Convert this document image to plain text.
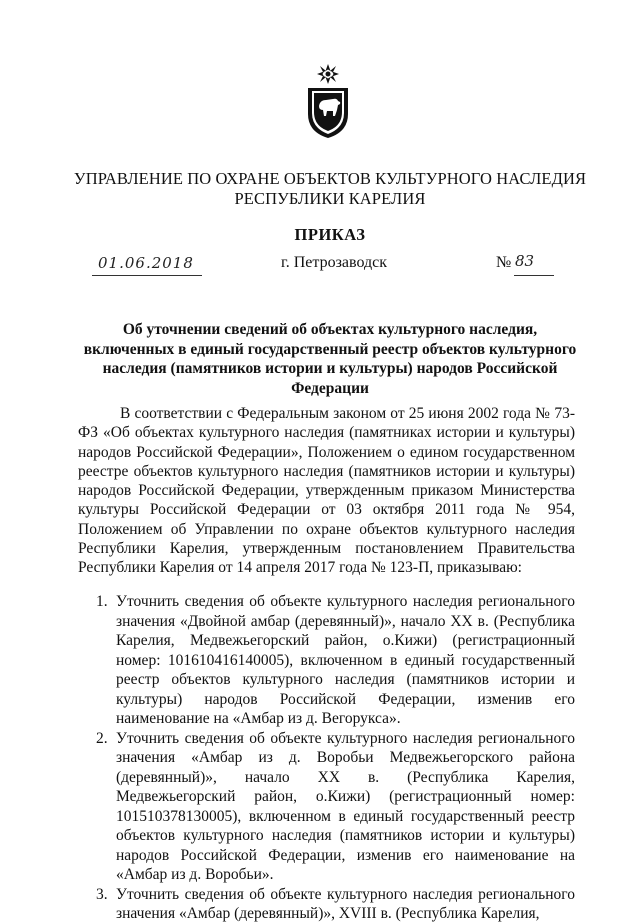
УПРАВЛЕНИЕ ПО ОХРАНЕ ОБЪЕКТОВ КУЛЬТУРНОГО НАСЛЕДИЯ
РЕСПУБЛИКИ КАРЕЛИЯ
ПРИКАЗ
01.06.2018	г. Петрозаводск	№ 83
Об уточнении сведений об объектах культурного наследия, включенных в единый государственный реестр объектов культурного наследия (памятников истории и культуры) народов Российской Федерации
В соответствии с Федеральным законом от 25 июня 2002 года № 73-ФЗ «Об объектах культурного наследия (памятниках истории и культуры) народов Российской Федерации», Положением о едином государственном реестре объектов культурного наследия (памятников истории и культуры) народов Российской Федерации, утвержденным приказом Министерства культуры Российской Федерации от 03 октября 2011 года № 954, Положением об Управлении по охране объектов культурного наследия Республики Карелия, утвержденным постановлением Правительства Республики Карелия от 14 апреля 2017 года № 123-П, приказываю:
1. Уточнить сведения об объекте культурного наследия регионального значения «Двойной амбар (деревянный)», начало XX в. (Республика Карелия, Медвежьегорский район, о.Кижи) (регистрационный номер: 101610416140005), включенном в единый государственный реестр объектов культурного наследия (памятников истории и культуры) народов Российской Федерации, изменив его наименование на «Амбар из д. Вегорукса».
2. Уточнить сведения об объекте культурного наследия регионального значения «Амбар из д. Воробьи Медвежьегорского района (деревянный)», начало XX в. (Республика Карелия, Медвежьегорский район, о.Кижи) (регистрационный номер: 101510378130005), включенном в единый государственный реестр объектов культурного наследия (памятников истории и культуры) народов Российской Федерации, изменив его наименование на «Амбар из д. Воробьи».
3. Уточнить сведения об объекте культурного наследия регионального значения «Амбар (деревянный)», XVIII в. (Республика Карелия,
